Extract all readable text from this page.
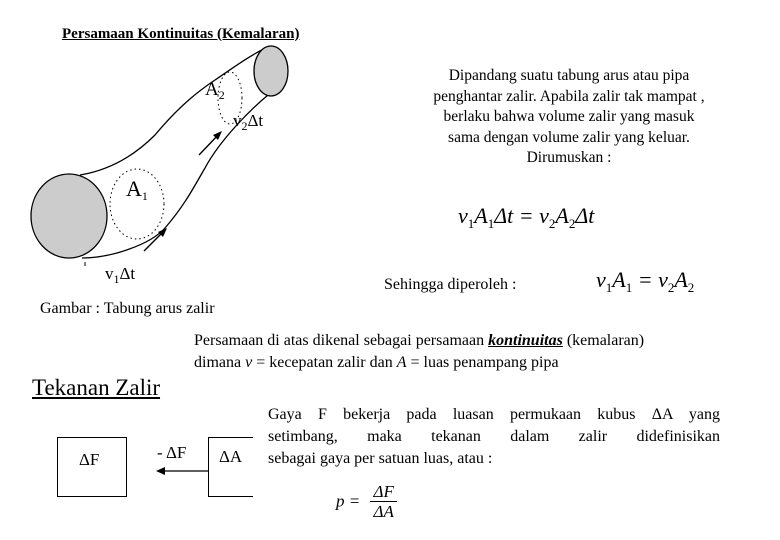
Persamaan Kontinuitas (Kemalaran)
$A_2$
$v_2\Delta t$
$A_1$
$v_1\Delta t$
Dipandang suatu tabung arus atau pipa
penghantar zalir. Apabila zalir tak mampat ,
berlaku bahwa volume zalir yang masuk
sama dengan volume zalir yang keluar.
Dirumuskan :
$v_1A_1\Delta t = v_2A_2\Delta t$
Sehingga diperoleh :	$v_1A_1 = v_2A_2$
Gambar : Tabung arus zalir
Persamaan di atas dikenal sebagai persamaan kontinuitas (kemalaran)
dimana v = kecepatan zalir dan A = luas penampang pipa
Tekanan Zalir
ΔF	- ΔF ΔA
Gaya F bekerja pada luasan permukaan kubus ΔA yang
setimbang, maka tekanan dalam zalir didefinisikan
sebagai gaya per satuan luas, atau :
$p = \frac{\Delta F}{\Delta A}$
